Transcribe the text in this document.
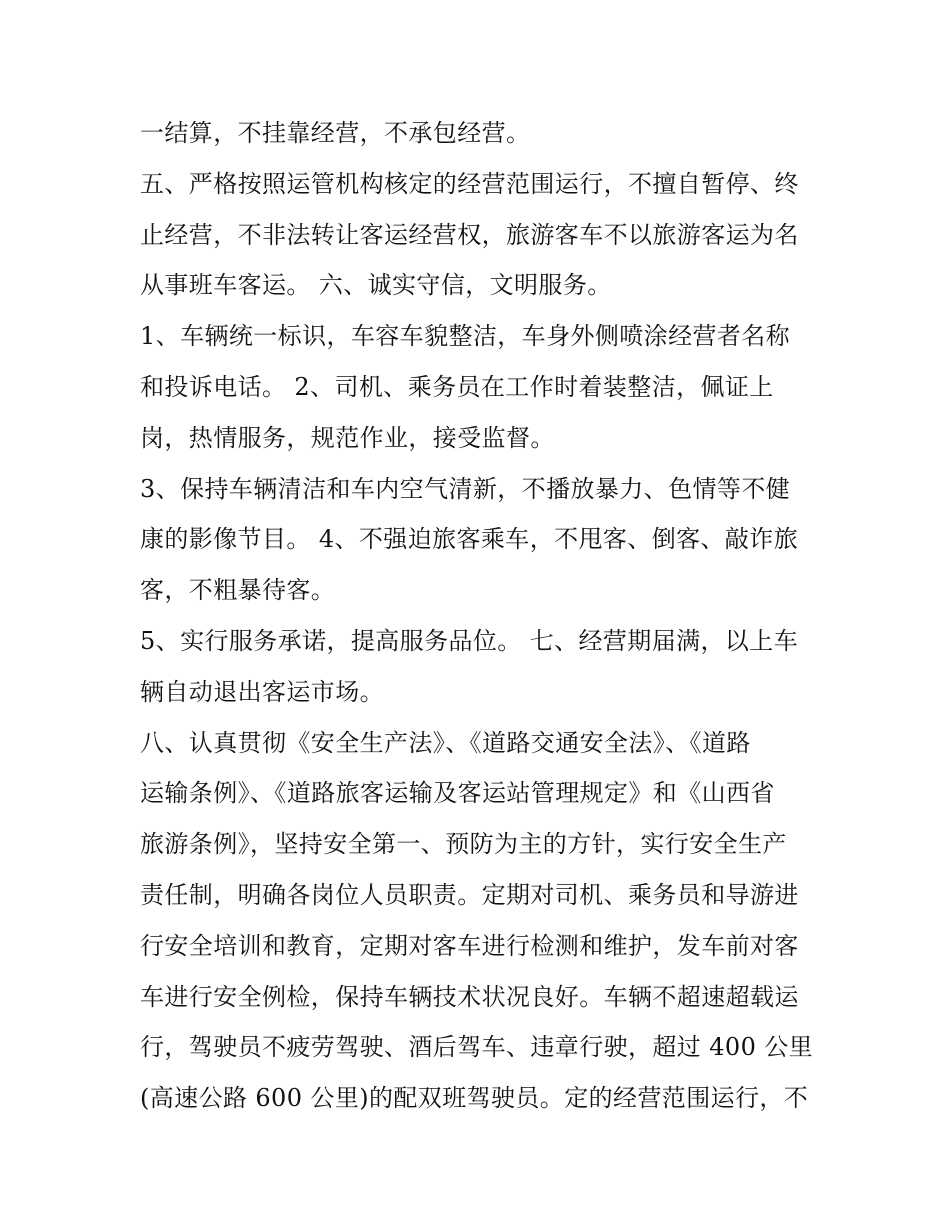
一结算，不挂靠经营，不承包经营。
五、严格按照运管机构核定的经营范围运行，不擅自暂停、终
止经营，不非法转让客运经营权，旅游客车不以旅游客运为名
从事班车客运。 六、诚实守信，文明服务。
1、车辆统一标识，车容车貌整洁，车身外侧喷涂经营者名称
和投诉电话。 2、司机、乘务员在工作时着装整洁，佩证上
岗，热情服务，规范作业，接受监督。
3、保持车辆清洁和车内空气清新，不播放暴力、色情等不健
康的影像节目。 4、不强迫旅客乘车，不甩客、倒客、敲诈旅
客，不粗暴待客。
5、实行服务承诺，提高服务品位。 七、经营期届满，以上车
辆自动退出客运市场。
八、认真贯彻《安全生产法》、《道路交通安全法》、《道路
运输条例》、《道路旅客运输及客运站管理规定》和《山西省
旅游条例》，坚持安全第一、预防为主的方针，实行安全生产
责任制，明确各岗位人员职责。定期对司机、乘务员和导游进
行安全培训和教育，定期对客车进行检测和维护，发车前对客
车进行安全例检，保持车辆技术状况良好。车辆不超速超载运
行，驾驶员不疲劳驾驶、酒后驾车、违章行驶，超过 400 公里
(高速公路 600 公里)的配双班驾驶员。定的经营范围运行，不
